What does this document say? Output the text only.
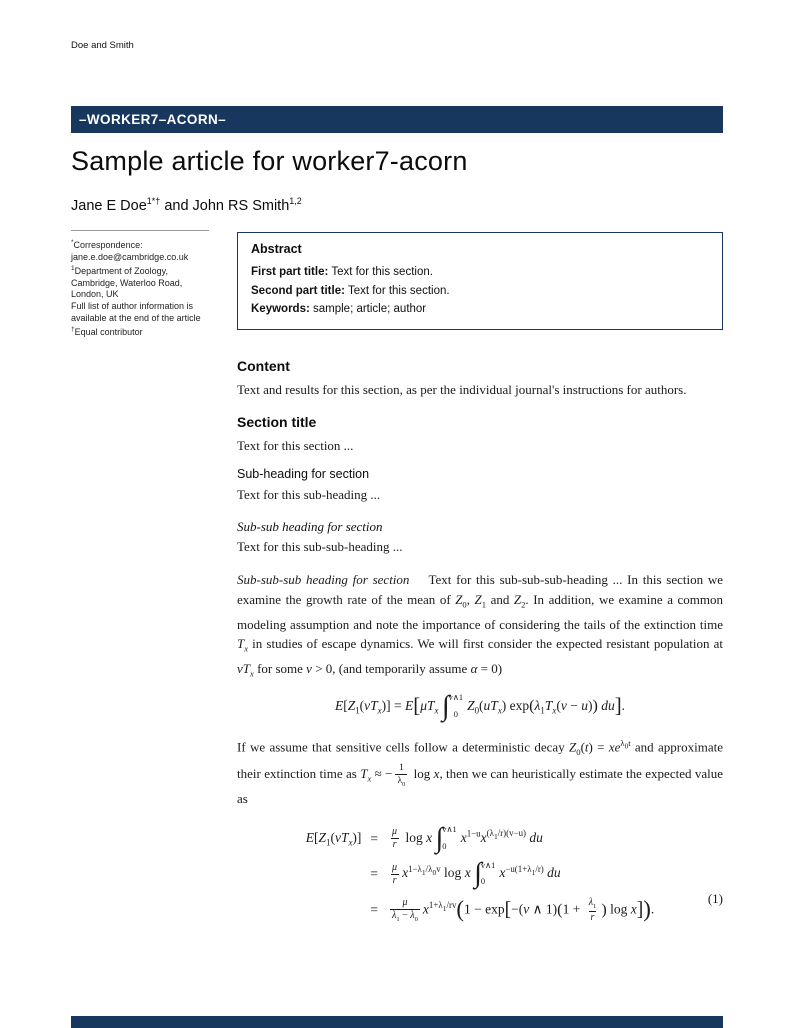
Doe and Smith
–WORKER7–ACORN–
Sample article for worker7-acorn
Jane E Doe$^{1*\dagger}$ and John RS Smith$^{1,2}$
*Correspondence:
jane.e.doe@cambridge.co.uk
$^1$Department of Zoology,
Cambridge, Waterloo Road,
London, UK
Full list of author information is
available at the end of the article
†Equal contributor
Abstract
First part title: Text for this section.
Second part title: Text for this section.
Keywords: sample; article; author
Content

Text and results for this section, as per the individual journal's instructions for authors.

Section title

Text for this section ...

Sub-heading for section

Text for this sub-heading ...

Sub-sub heading for section

Text for this sub-sub-heading ...

Sub-sub-sub heading for section    Text for this sub-sub-sub-heading ... In this section we examine the growth rate of the mean of $Z_0$, $Z_1$ and $Z_2$. In addition, we examine a common modeling assumption and note the importance of considering the tails of the extinction time $T_x$ in studies of escape dynamics. We will first consider the expected resistant population at $vT_x$ for some v > 0, (and temporarily assume α = 0)

$E[Z_1(vT_x)] = E[\mu T_x$ ∫ v∧1
0
$Z_0(uT_x) \exp(\lambda_1T_x(v - u))$ du].

If we assume that sensitive cells follow a deterministic decay $Z_0(t) = xe^{\lambda_0t}$ and approximate their extinction time as $T_x$ ≈ − $\frac{1}{\lambda_0}$ log x, then we can heuristically estimate the expected value as

$E[Z_1(vT_x)]$	=	$\frac{\mu}{r}$ log x ∫ v∧1
0
$x^{1-u}x^{(\lambda_1/r)(v-u)}$ du
	=	$\frac{\mu}{r} x^{1-\lambda_1/\lambda_0v}$ log x ∫ v∧1
0
$x^{-u(1+\lambda_1/r)}$ du
	=	$\frac{\mu}{\lambda_1 - \lambda_0} x^{1+\lambda_1/rv}(1 - \exp[-(v$ ∧ $1)(1 + \frac{\lambda_1}{r}$ ) log x]).
(1)
